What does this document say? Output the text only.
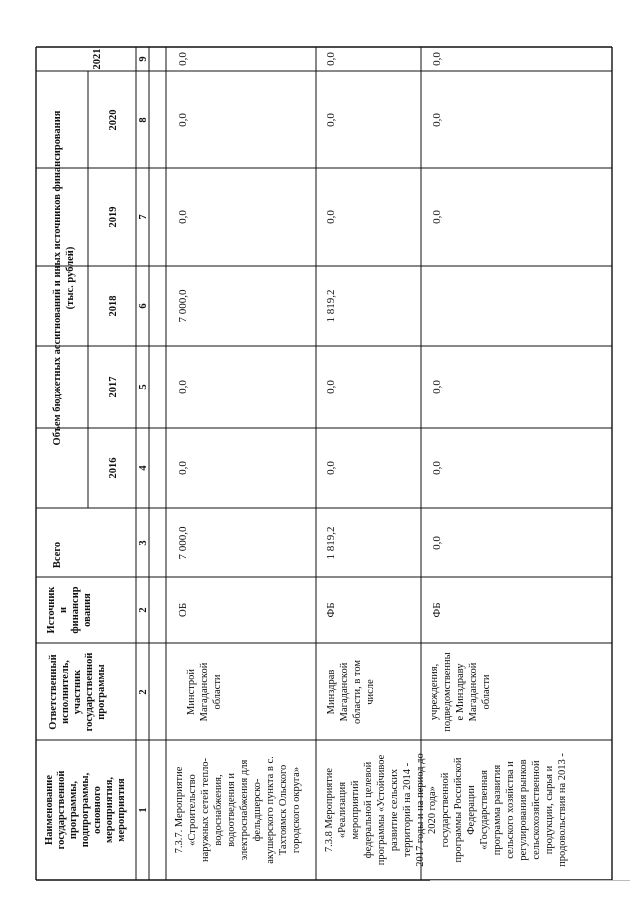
Наименованиегосударственнойпрограммы,подпрограммы,основногомероприятия,мероприятия
Ответственныйисполнитель,участникгосударственнойпрограммы
Источникифинансирования
Всего
Объем бюджетных ассигнований и иных источников финансирования (тыс. рублей)
2016
2017
2018
2019
2020
2021
1
2
2
3
4
5
6
7
8
9
7.3.7. Мероприятие «Строительство наружных сетей тепло- водоснабжения, водоотведения и электроснабжения для фельдшерско- акушерского пункта в с. Тахтоямск Ольского городского округа»
Минстрой Магаданской области
ОБ
7 000,0
0,0
0,0
7 000,0
0,0
0,0
0,0
7.3.8 Мероприятие «Реализация мероприятий федеральной целевой программы «Устойчивое развитие сельских территорий на 2014 - 2017 годы и на период до
Минздрав Магаданской области, в том числе
ФБ
1 819,2
0,0
0,0
1 819,2
0,0
0,0
0,0
2020 года» государственной программы Российской Федерации «Государственная программа развития сельского хозяйства и регулирования рынков сельскохозяйственной продукции, сырья и продовольствия на 2013 -
учреждения, подведомственны е Минздраву Магаданской области
ФБ
0,0
0,0
0,0
0,0
0,0
0,0
